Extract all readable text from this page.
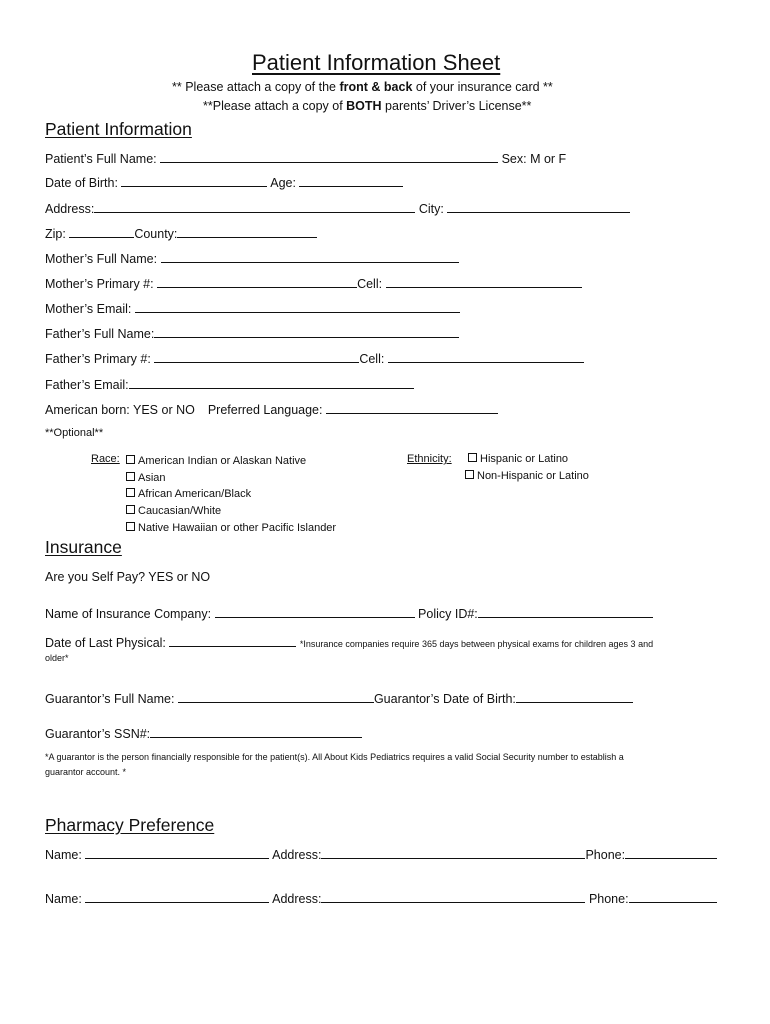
Patient Information Sheet
** Please attach a copy of the front & back of your insurance card **
**Please attach a copy of BOTH parents’ Driver’s License**
Patient Information
Patient’s Full Name:	Sex: M or F
Date of Birth:	Age:
Address:	City:
Zip:	County:
Mother’s Full Name:
Mother’s Primary #:	Cell:
Mother’s Email:
Father’s Full Name:
Father’s Primary #:	Cell:
Father’s Email:
American born: YES or NO Preferred Language:
**Optional**
Race:	American Indian or Alaskan Native
Asian
African American/Black
Caucasian/White
Native Hawaiian or other Pacific Islander
Ethnicity:	Hispanic or Latino
Non-Hispanic or Latino
Insurance
Are you Self Pay? YES or NO
Name of Insurance Company:	Policy ID#:
Date of Last Physical:	*Insurance companies require 365 days between physical exams for children ages 3 and
older*
Guarantor’s Full Name:	Guarantor’s Date of Birth:
Guarantor’s SSN#:
*A guarantor is the person financially responsible for the patient(s). All About Kids Pediatrics requires a valid Social Security number to establish a
guarantor account. *
Pharmacy Preference
Name:	Address:	Phone:
Name:	Address:	Phone:
